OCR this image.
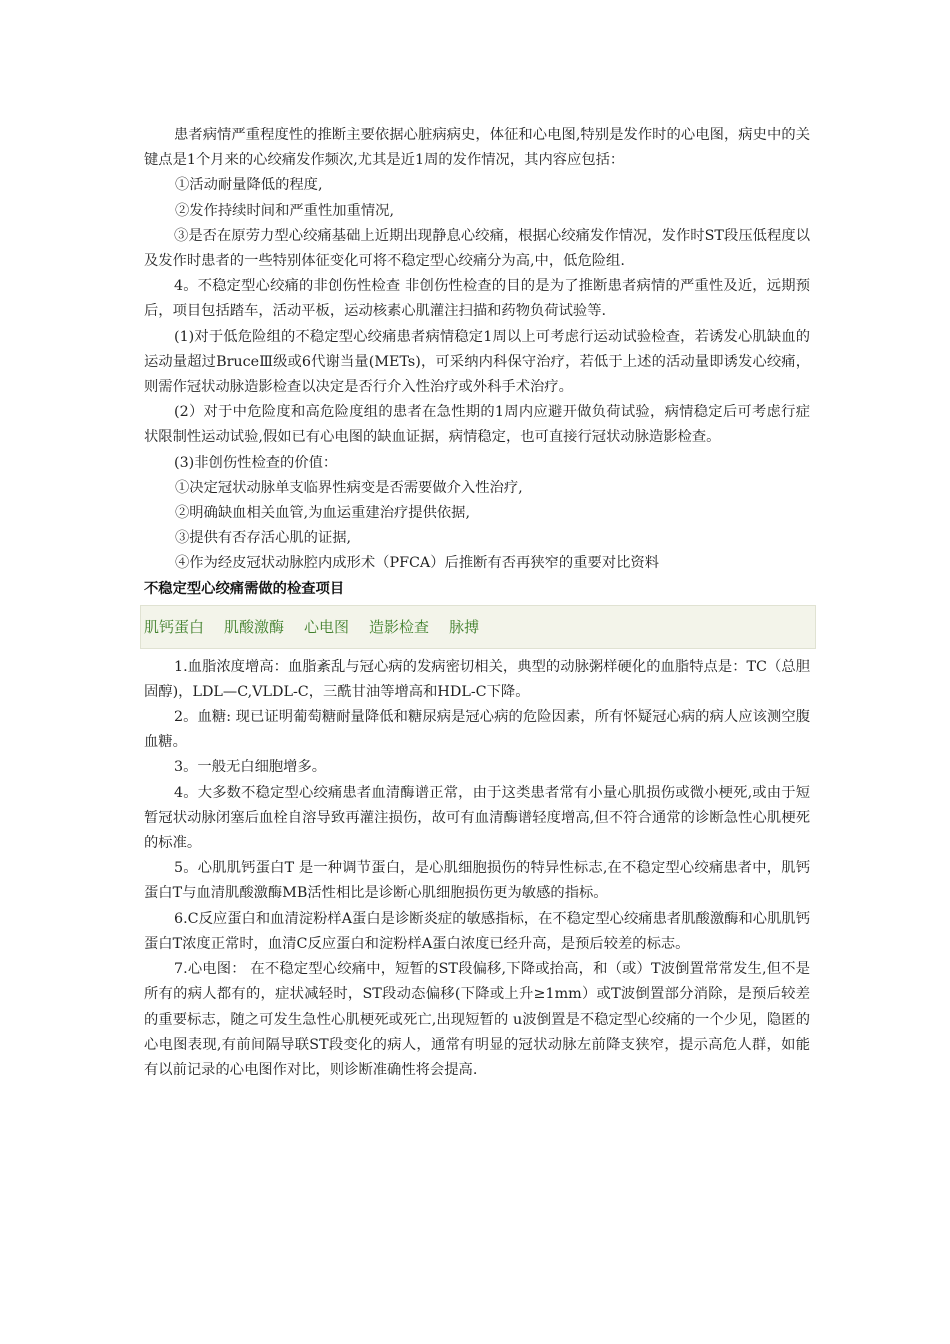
患者病情严重程度性的推断主要依据心脏病病史，体征和心电图,特别是发作时的心电图，病史中的关键点是1个月来的心绞痛发作频次,尤其是近1周的发作情况，其内容应包括：

①活动耐量降低的程度,

②发作持续时间和严重性加重情况,

③是否在原劳力型心绞痛基础上近期出现静息心绞痛，根据心绞痛发作情况，发作时ST段压低程度以及发作时患者的一些特别体征变化可将不稳定型心绞痛分为高,中，低危险组.

4。不稳定型心绞痛的非创伤性检查 非创伤性检查的目的是为了推断患者病情的严重性及近，远期预后，项目包括踏车，活动平板，运动核素心肌灌注扫描和药物负荷试验等.

(1)对于低危险组的不稳定型心绞痛患者病情稳定1周以上可考虑行运动试验检查，若诱发心肌缺血的运动量超过BruceⅢ级或6代谢当量(METs)，可采纳内科保守治疗，若低于上述的活动量即诱发心绞痛，则需作冠状动脉造影检查以决定是否行介入性治疗或外科手术治疗。

(2）对于中危险度和高危险度组的患者在急性期的1周内应避开做负荷试验，病情稳定后可考虑行症状限制性运动试验,假如已有心电图的缺血证据，病情稳定，也可直接行冠状动脉造影检查。

(3)非创伤性检查的价值：

①决定冠状动脉单支临界性病变是否需要做介入性治疗,

②明确缺血相关血管,为血运重建治疗提供依据,

③提供有否存活心肌的证据,

④作为经皮冠状动脉腔内成形术（PFCA）后推断有否再狭窄的重要对比资料

不稳定型心绞痛需做的检查项目
肌钙蛋白 肌酸激酶 心电图 造影检查 脉搏

1.血脂浓度增高：血脂紊乱与冠心病的发病密切相关，典型的动脉粥样硬化的血脂特点是：TC（总胆固醇)，LDL—C,VLDL-C，三酰甘油等增高和HDL-C下降。

2。血糖: 现已证明葡萄糖耐量降低和糖尿病是冠心病的危险因素，所有怀疑冠心病的病人应该测空腹血糖。

3。一般无白细胞增多。

4。大多数不稳定型心绞痛患者血清酶谱正常，由于这类患者常有小量心肌损伤或微小梗死,或由于短暂冠状动脉闭塞后血栓自溶导致再灌注损伤，故可有血清酶谱轻度增高,但不符合通常的诊断急性心肌梗死的标准。

5。心肌肌钙蛋白T 是一种调节蛋白，是心肌细胞损伤的特异性标志,在不稳定型心绞痛患者中，肌钙蛋白T与血清肌酸激酶MB活性相比是诊断心肌细胞损伤更为敏感的指标。

6.C反应蛋白和血清淀粉样A蛋白是诊断炎症的敏感指标，在不稳定型心绞痛患者肌酸激酶和心肌肌钙蛋白T浓度正常时，血清C反应蛋白和淀粉样A蛋白浓度已经升高，是预后较差的标志。

7.心电图： 在不稳定型心绞痛中，短暂的ST段偏移,下降或抬高，和（或）T波倒置常常发生,但不是所有的病人都有的，症状减轻时，ST段动态偏移(下降或上升≥1mm）或T波倒置部分消除，是预后较差的重要标志，随之可发生急性心肌梗死或死亡,出现短暂的 u波倒置是不稳定型心绞痛的一个少见，隐匿的心电图表现,有前间隔导联ST段变化的病人，通常有明显的冠状动脉左前降支狭窄，提示高危人群，如能有以前记录的心电图作对比，则诊断准确性将会提高.
